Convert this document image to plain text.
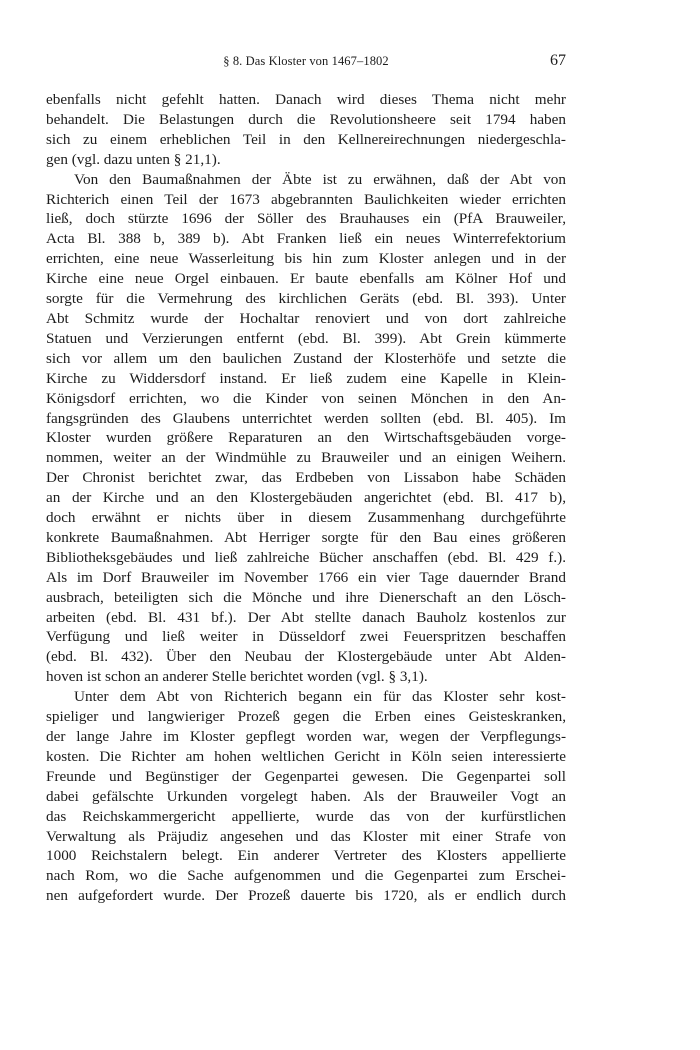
§ 8. Das Kloster von 1467–1802	67
ebenfalls nicht gefehlt hatten. Danach wird dieses Thema nicht mehr
behandelt. Die Belastungen durch die Revolutionsheere seit 1794 haben
sich zu einem erheblichen Teil in den Kellnereirechnungen niedergeschla-
gen (vgl. dazu unten § 21,1).
Von den Baumaßnahmen der Äbte ist zu erwähnen, daß der Abt von
Richterich einen Teil der 1673 abgebrannten Baulichkeiten wieder errichten
ließ, doch stürzte 1696 der Söller des Brauhauses ein (PfA Brauweiler,
Acta Bl. 388 b, 389 b). Abt Franken ließ ein neues Winterrefektorium
errichten, eine neue Wasserleitung bis hin zum Kloster anlegen und in der
Kirche eine neue Orgel einbauen. Er baute ebenfalls am Kölner Hof und
sorgte für die Vermehrung des kirchlichen Geräts (ebd. Bl. 393). Unter
Abt Schmitz wurde der Hochaltar renoviert und von dort zahlreiche
Statuen und Verzierungen entfernt (ebd. Bl. 399). Abt Grein kümmerte
sich vor allem um den baulichen Zustand der Klosterhöfe und setzte die
Kirche zu Widdersdorf instand. Er ließ zudem eine Kapelle in Klein-
Königsdorf errichten, wo die Kinder von seinen Mönchen in den An-
fangsgründen des Glaubens unterrichtet werden sollten (ebd. Bl. 405). Im
Kloster wurden größere Reparaturen an den Wirtschaftsgebäuden vorge-
nommen, weiter an der Windmühle zu Brauweiler und an einigen Weihern.
Der Chronist berichtet zwar, das Erdbeben von Lissabon habe Schäden
an der Kirche und an den Klostergebäuden angerichtet (ebd. Bl. 417 b),
doch erwähnt er nichts über in diesem Zusammenhang durchgeführte
konkrete Baumaßnahmen. Abt Herriger sorgte für den Bau eines größeren
Bibliotheksgebäudes und ließ zahlreiche Bücher anschaffen (ebd. Bl. 429 f.).
Als im Dorf Brauweiler im November 1766 ein vier Tage dauernder Brand
ausbrach, beteiligten sich die Mönche und ihre Dienerschaft an den Lösch-
arbeiten (ebd. Bl. 431 bf.). Der Abt stellte danach Bauholz kostenlos zur
Verfügung und ließ weiter in Düsseldorf zwei Feuerspritzen beschaffen
(ebd. Bl. 432). Über den Neubau der Klostergebäude unter Abt Alden-
hoven ist schon an anderer Stelle berichtet worden (vgl. § 3,1).
Unter dem Abt von Richterich begann ein für das Kloster sehr kost-
spieliger und langwieriger Prozeß gegen die Erben eines Geisteskranken,
der lange Jahre im Kloster gepflegt worden war, wegen der Verpflegungs-
kosten. Die Richter am hohen weltlichen Gericht in Köln seien interessierte
Freunde und Begünstiger der Gegenpartei gewesen. Die Gegenpartei soll
dabei gefälschte Urkunden vorgelegt haben. Als der Brauweiler Vogt an
das Reichskammergericht appellierte, wurde das von der kurfürstlichen
Verwaltung als Präjudiz angesehen und das Kloster mit einer Strafe von
1000 Reichstalern belegt. Ein anderer Vertreter des Klosters appellierte
nach Rom, wo die Sache aufgenommen und die Gegenpartei zum Erschei-
nen aufgefordert wurde. Der Prozeß dauerte bis 1720, als er endlich durch
